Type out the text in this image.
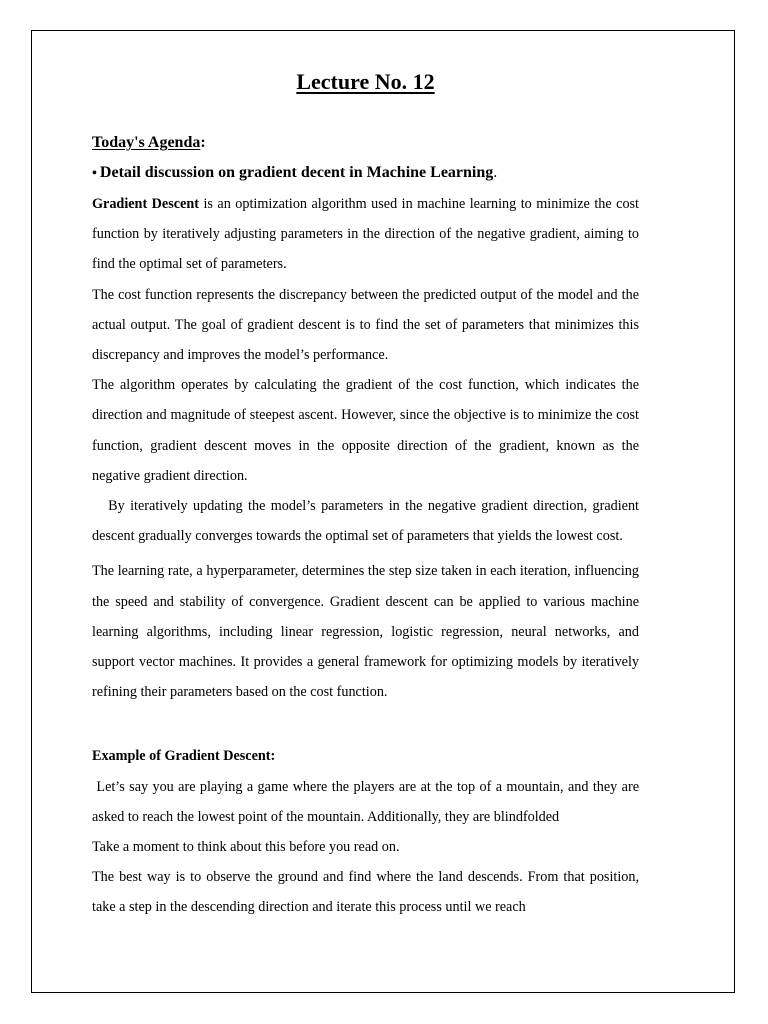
Lecture No. 12
Today's Agenda:
• Detail discussion on gradient decent in Machine Learning.

Gradient Descent is an optimization algorithm used in machine learning to minimize the cost function by iteratively adjusting parameters in the direction of the negative gradient, aiming to find the optimal set of parameters.

The cost function represents the discrepancy between the predicted output of the model and the actual output. The goal of gradient descent is to find the set of parameters that minimizes this discrepancy and improves the model’s performance.

The algorithm operates by calculating the gradient of the cost function, which indicates the direction and magnitude of steepest ascent. However, since the objective is to minimize the cost function, gradient descent moves in the opposite direction of the gradient, known as the negative gradient direction.

By iteratively updating the model’s parameters in the negative gradient direction, gradient descent gradually converges towards the optimal set of parameters that yields the lowest cost.

The learning rate, a hyperparameter, determines the step size taken in each iteration, influencing the speed and stability of convergence. Gradient descent can be applied to various machine learning algorithms, including linear regression, logistic regression, neural networks, and support vector machines. It provides a general framework for optimizing models by iteratively refining their parameters based on the cost function.

Example of Gradient Descent:

Let’s say you are playing a game where the players are at the top of a mountain, and they are asked to reach the lowest point of the mountain. Additionally, they are blindfolded

Take a moment to think about this before you read on.

The best way is to observe the ground and find where the land descends. From that position, take a step in the descending direction and iterate this process until we reach
